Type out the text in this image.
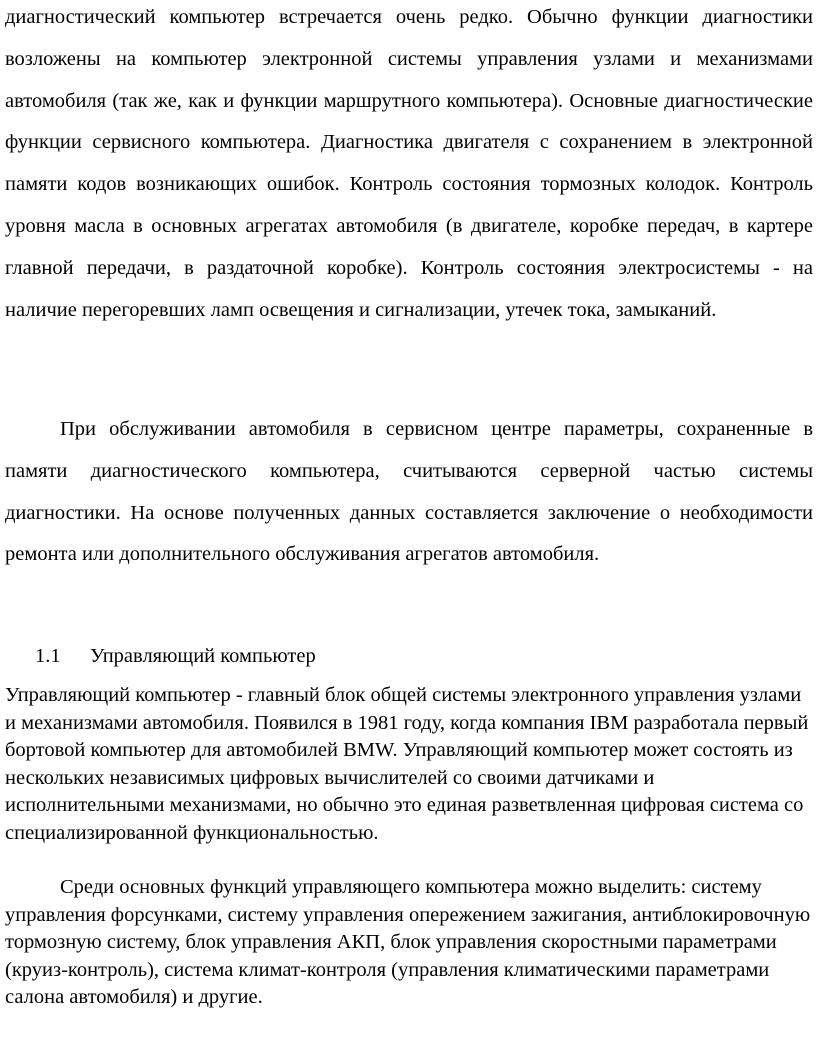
диагностический компьютер встречается очень редко. Обычно функции диагностики возложены на компьютер электронной системы управления узлами и механизмами автомобиля (так же, как и функции маршрутного компьютера). Основные диагностические функции сервисного компьютера. Диагностика двигателя с сохранением в электронной памяти кодов возникающих ошибок. Контроль состояния тормозных колодок. Контроль уровня масла в основных агрегатах автомобиля (в двигателе, коробке передач, в картере главной передачи, в раздаточной коробке). Контроль состояния электросистемы - на наличие перегоревших ламп освещения и сигнализации, утечек тока, замыканий.

При обслуживании автомобиля в сервисном центре параметры, сохраненные в памяти диагностического компьютера, считываются серверной частью системы диагностики. На основе полученных данных составляется заключение о необходимости ремонта или дополнительного обслуживания агрегатов автомобиля.

1.1 Управляющий компьютер

Управляющий компьютер - главный блок общей системы электронного управления узлами и механизмами автомобиля. Появился в 1981 году, когда компания IBM разработала первый бортовой компьютер для автомобилей BMW. Управляющий компьютер может состоять из нескольких независимых цифровых вычислителей со своими датчиками и исполнительными механизмами, но обычно это единая разветвленная цифровая система со специализированной функциональностью.

Среди основных функций управляющего компьютера можно выделить: систему управления форсунками, систему управления опережением зажигания, антиблокировочную тормозную систему, блок управления АКП, блок управления скоростными параметрами (круиз-контроль), система климат-контроля (управления климатическими параметрами салона автомобиля) и другие.
